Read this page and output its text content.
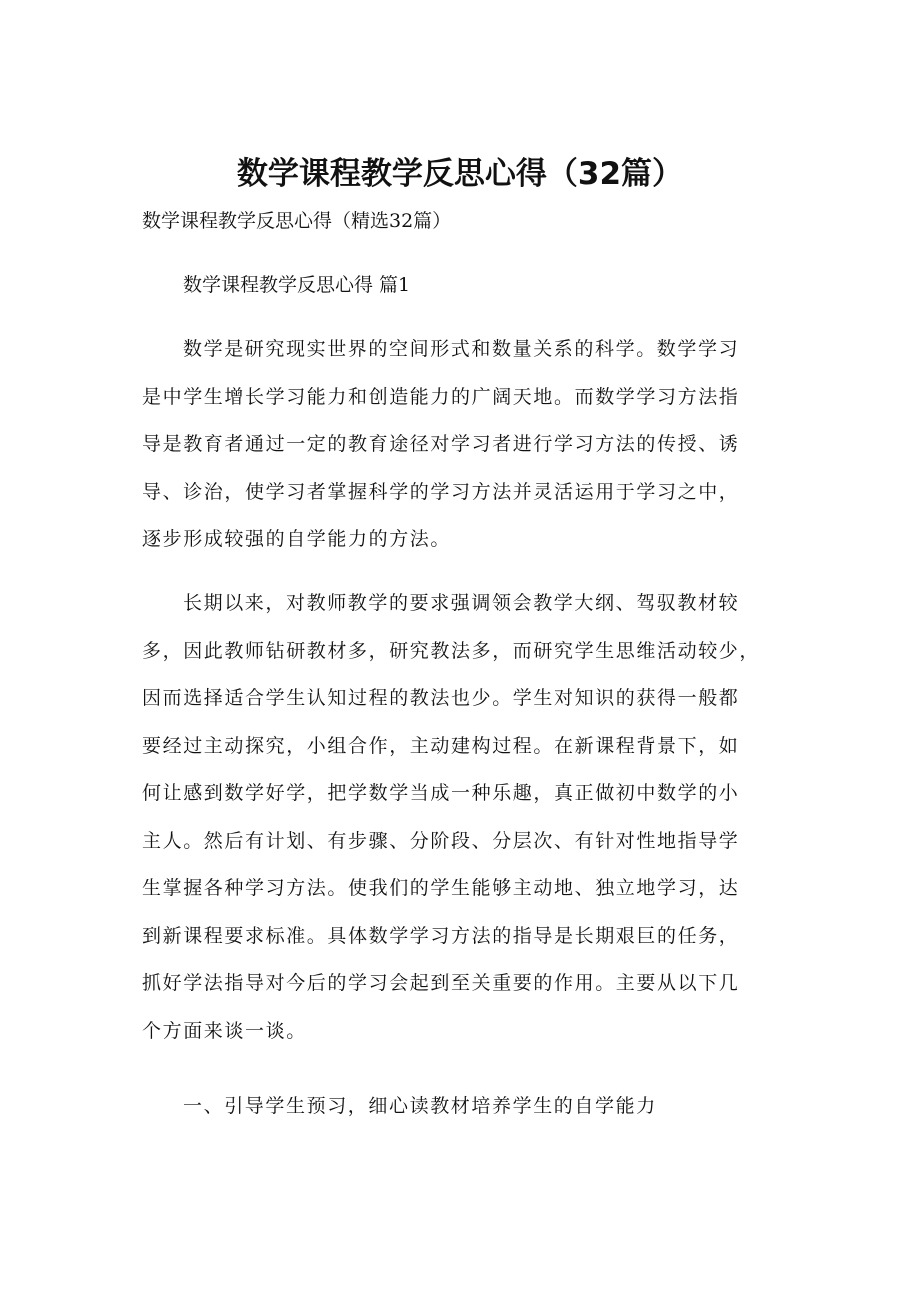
数学课程教学反思心得（32篇）

数学课程教学反思心得（精选32篇）

数学课程教学反思心得 篇1

数学是研究现实世界的空间形式和数量关系的科学。数学学习
是中学生增长学习能力和创造能力的广阔天地。而数学学习方法指
导是教育者通过一定的教育途径对学习者进行学习方法的传授、诱
导、诊治，使学习者掌握科学的学习方法并灵活运用于学习之中，
逐步形成较强的自学能力的方法。
长期以来，对教师教学的要求强调领会教学大纲、驾驭教材较
多，因此教师钻研教材多，研究教法多，而研究学生思维活动较少，
因而选择适合学生认知过程的教法也少。学生对知识的获得一般都
要经过主动探究，小组合作，主动建构过程。在新课程背景下，如
何让感到数学好学，把学数学当成一种乐趣，真正做初中数学的小
主人。然后有计划、有步骤、分阶段、分层次、有针对性地指导学
生掌握各种学习方法。使我们的学生能够主动地、独立地学习，达
到新课程要求标准。具体数学学习方法的指导是长期艰巨的任务，
抓好学法指导对今后的学习会起到至关重要的作用。主要从以下几
个方面来谈一谈。

一、引导学生预习，细心读教材培养学生的自学能力
